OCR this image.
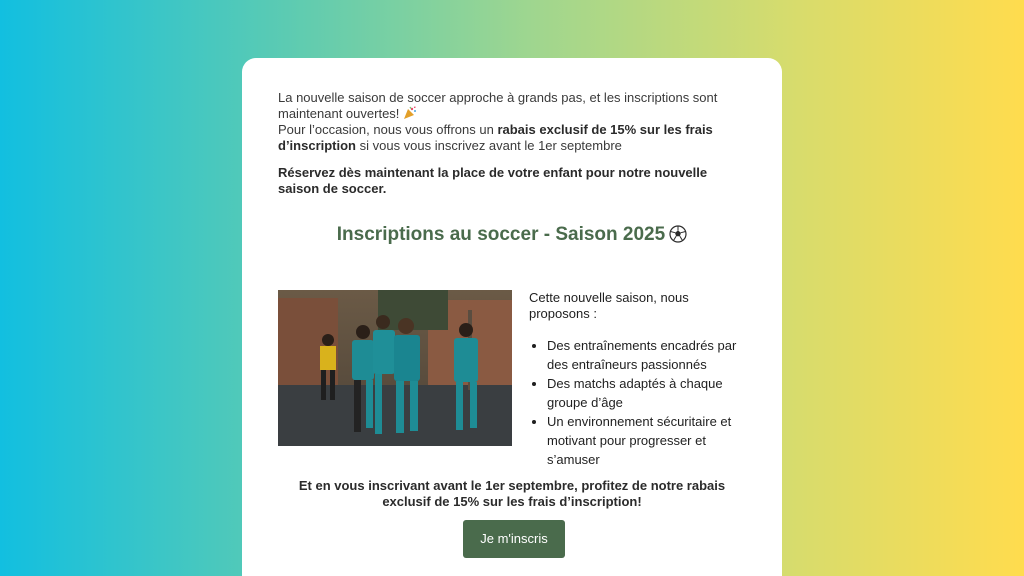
La nouvelle saison de soccer approche à grands pas, et les inscriptions sont maintenant ouvertes!
Pour l’occasion, nous vous offrons un rabais exclusif de 15% sur les frais d’inscription si vous vous inscrivez avant le 1er septembre
Réservez dès maintenant la place de votre enfant pour notre nouvelle saison de soccer.
Inscriptions au soccer - Saison 2025

Cette nouvelle saison, nous proposons :

• Des entraînements encadrés par des entraîneurs passionnés
• Des matchs adaptés à chaque groupe d’âge
• Un environnement sécuritaire et motivant pour progresser et s’amuser
Et en vous inscrivant avant le 1er septembre, profitez de notre rabais exclusif de 15% sur les frais d’inscription!
Je m'inscris
